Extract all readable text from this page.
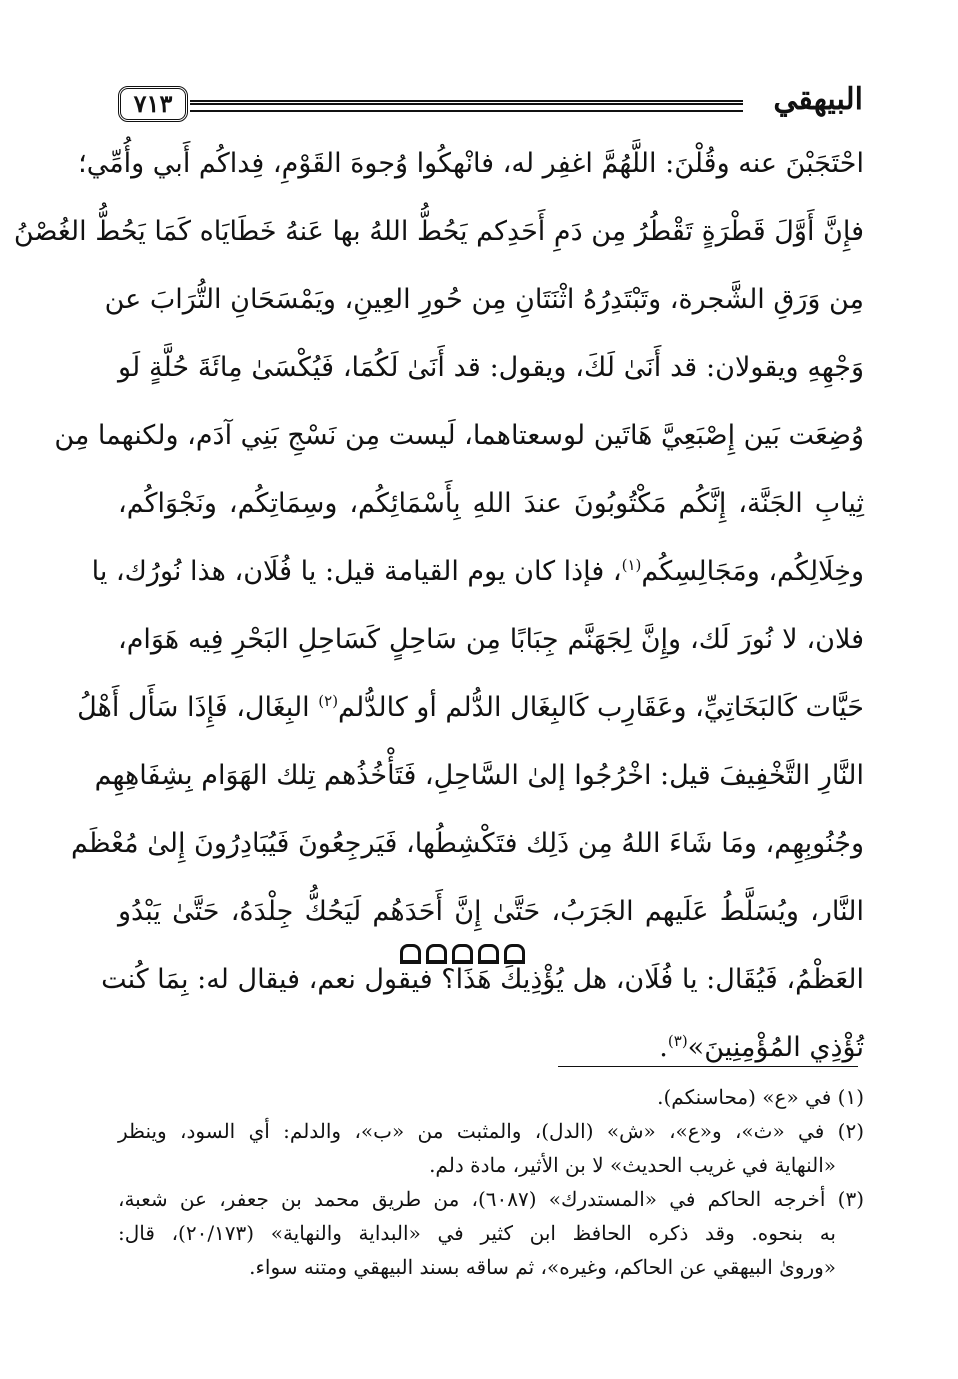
٧١٣	البيهقي
احْتَجَبْنَ عنه وقُلْنَ: اللَّهُمَّ اغفِر له، فانْهكُوا وُجوهَ القَوْمِ، فِداكُم أَبي وأُمِّي؛
فإِنَّ أَوَّلَ قَطْرَةٍ تَقْطُرُ مِن دَمِ أَحَدِكم يَحُطُّ اللهُ بها عَنهُ خَطَايَاه كَمَا يَحُطُّ الغُصْنُ
مِن وَرَقِ الشَّجرة، وتَبْتَدِرُهُ اثْنَتَانِ مِن حُورِ العِينِ، ويَمْسَحَانِ التُّرَابَ عن
وَجْهِهِ ويقولان: قد أَنَىٰ لَكَ، ويقول: قد أَنَىٰ لَكُمَا، فَيُكْسَىٰ مِائَةَ حُلَّةٍ لَو
وُضِعَت بَين إِصْبَعِيَّ هَاتَين لوسعتاهما، لَيست مِن نَسْجِ بَنِي آدَم، ولكنهما مِن
ثِيابِ الجَنَّة، إِنَّكُم مَكْتُوبُونَ عندَ اللهِ بِأَسْمَائِكُم، وسِمَاتِكُم، ونَجْوَاكُم،
وخِلَالِكُم، ومَجَالِسِكُم$^{(١)}$، فإذا كان يوم القيامة قيل: يا فُلَان، هذا نُورُك، يا
فلان، لا نُورَ لَك، وإِنَّ لِجَهَنَّم جِبَابًا مِن سَاحِلٍ كَسَاحِلِ البَحْرِ فِيه هَوَام،
حَيَّات كَالبَخَاتِيِّ، وعَقَارِب كَالبِغَال الدُّلم أو كالدُّلم$^{(٢)}$ البِغَال، فَإِذَا سَأَل أَهْلُ
النَّارِ التَّخْفِيفَ قيل: اخْرُجُوا إلىٰ السَّاحِلِ، فَتَأْخُذُهم تِلك الهَوَام بِشِفَاهِهِم
وجُنُوبِهِم، ومَا شَاءَ اللهُ مِن ذَلِك فتَكْشِطُها، فَيَرجِعُونَ فَيُبَادِرُونَ إِلىٰ مُعْظَم
النَّار، ويُسَلَّطُ عَلَيهم الجَرَبُ، حَتَّىٰ إِنَّ أَحَدَهُم لَيَحُكُّ جِلْدَهُ، حَتَّىٰ يَبْدُو
العَظْمُ، فَيُقَال: يا فُلَان، هل يُؤْذِيكَ هَذَا؟ فيقول نعم، فيقال له: بِمَا كُنت
تُؤْذِي المُؤْمِنِينَ»$^{(٣)}$.
(١) في «ع» (محاسنكم).
(٢) في «ث»، و«ع»، «ش» (الدل)، والمثبت من «ب»، والدلم: أي السود، وينظر
«النهاية في غريب الحديث» لا بن الأثير، مادة دلم.
(٣) أخرجه الحاكم في «المستدرك» (٦٠٨٧)، من طريق محمد بن جعفر، عن شعبة،
به بنحوه. وقد ذكره الحافظ ابن كثير في «البداية والنهاية» (٢٠/١٧٣)، قال:
«وروىٰ البيهقي عن الحاكم، وغيره»، ثم ساقه بسند البيهقي ومتنه سواء.
